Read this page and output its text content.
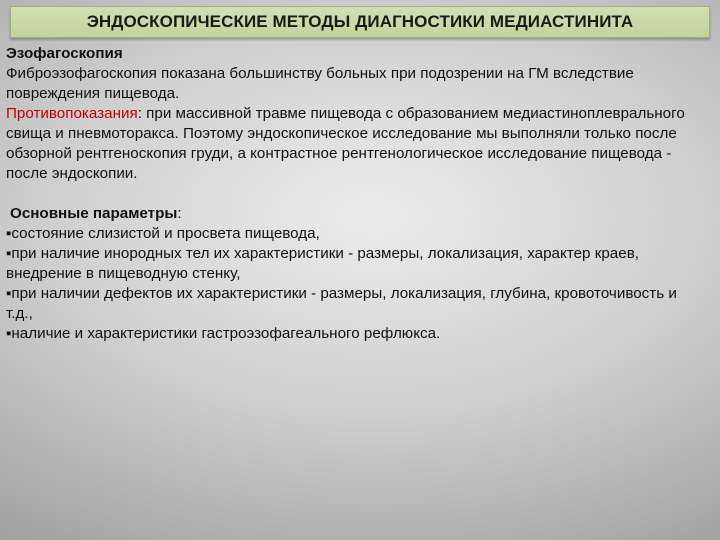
ЭНДОСКОПИЧЕСКИЕ МЕТОДЫ ДИАГНОСТИКИ МЕДИАСТИНИТА

Эзофагоскопия
Фиброэзофагоскопия показана большинству больных при подозрении на ГМ вследствие повреждения пищевода.
Противопоказания: при массивной травме пищевода с образованием медиастиноплеврального свища и пневмоторакса. Поэтому эндоскопическое исследование мы выполняли только после обзорной рентгеноскопия груди, а контрастное рентгенологическое исследование пищевода - после эндоскопии.

Основные параметры:

▪состояние слизистой и просвета пищевода,

▪при наличие инородных тел их характеристики - размеры, локализация, характер краев, внедрение в пищеводную стенку,

▪при наличии дефектов их характеристики - размеры, локализация, глубина, кровоточивость и т.д.,

▪наличие и характеристики гастроэзофагеального рефлюкса.
